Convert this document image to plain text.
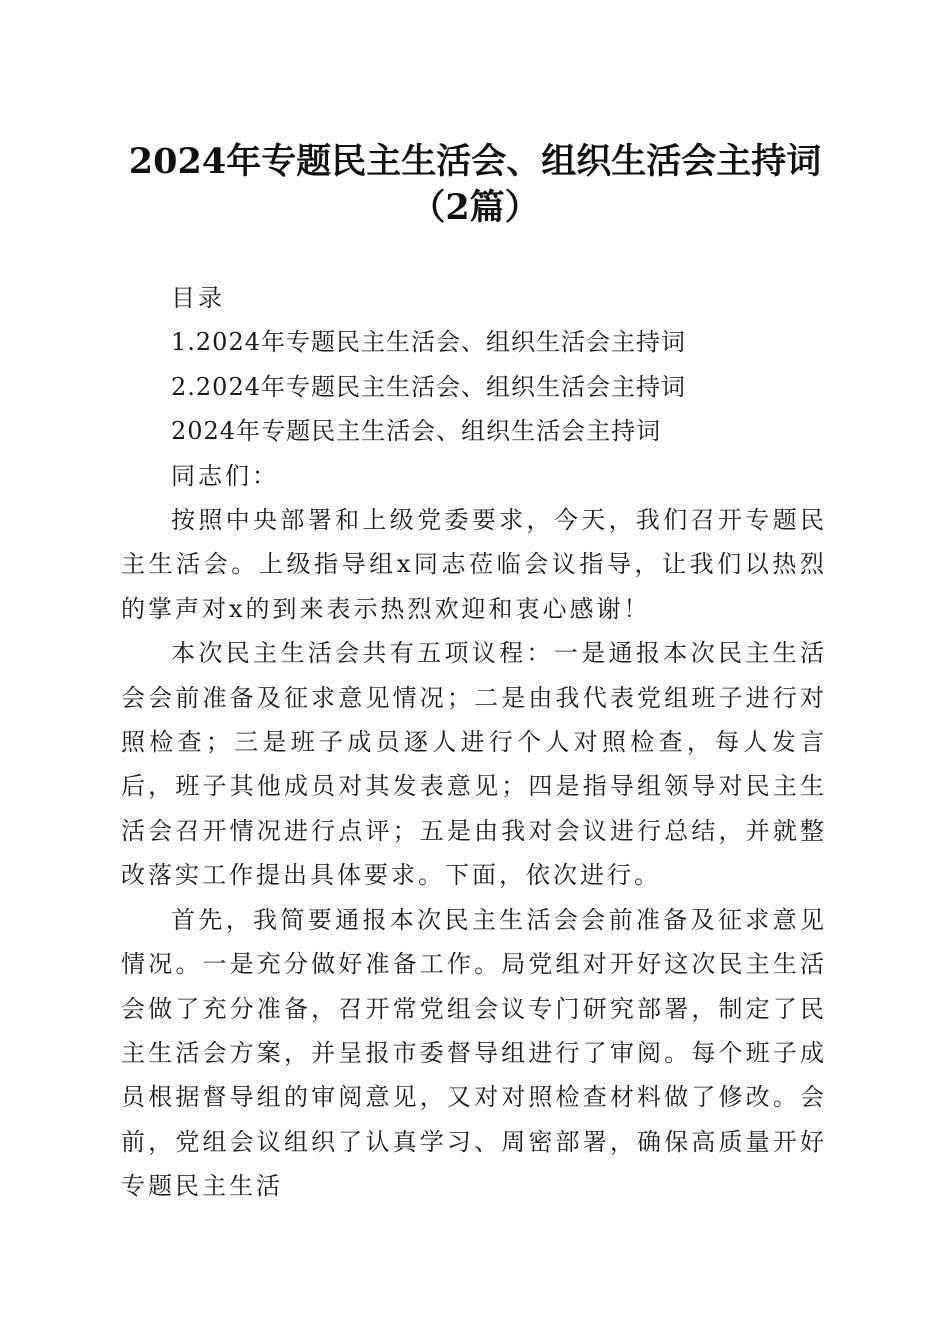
2024年专题民主生活会、组织生活会主持词
（2篇）

目录

1.2024年专题民主生活会、组织生活会主持词

2.2024年专题民主生活会、组织生活会主持词

2024年专题民主生活会、组织生活会主持词

同志们：

按照中央部署和上级党委要求，今天，我们召开专题民主生活会。上级指导组x同志莅临会议指导，让我们以热烈的掌声对x的到来表示热烈欢迎和衷心感谢！

本次民主生活会共有五项议程：一是通报本次民主生活会会前准备及征求意见情况；二是由我代表党组班子进行对照检查；三是班子成员逐人进行个人对照检查，每人发言后，班子其他成员对其发表意见；四是指导组领导对民主生活会召开情况进行点评；五是由我对会议进行总结，并就整改落实工作提出具体要求。下面，依次进行。

首先，我简要通报本次民主生活会会前准备及征求意见情况。一是充分做好准备工作。局党组对开好这次民主生活会做了充分准备，召开常党组会议专门研究部署，制定了民主生活会方案，并呈报市委督导组进行了审阅。每个班子成员根据督导组的审阅意见，又对对照检查材料做了修改。会前，党组会议组织了认真学习、周密部署，确保高质量开好专题民主生活
